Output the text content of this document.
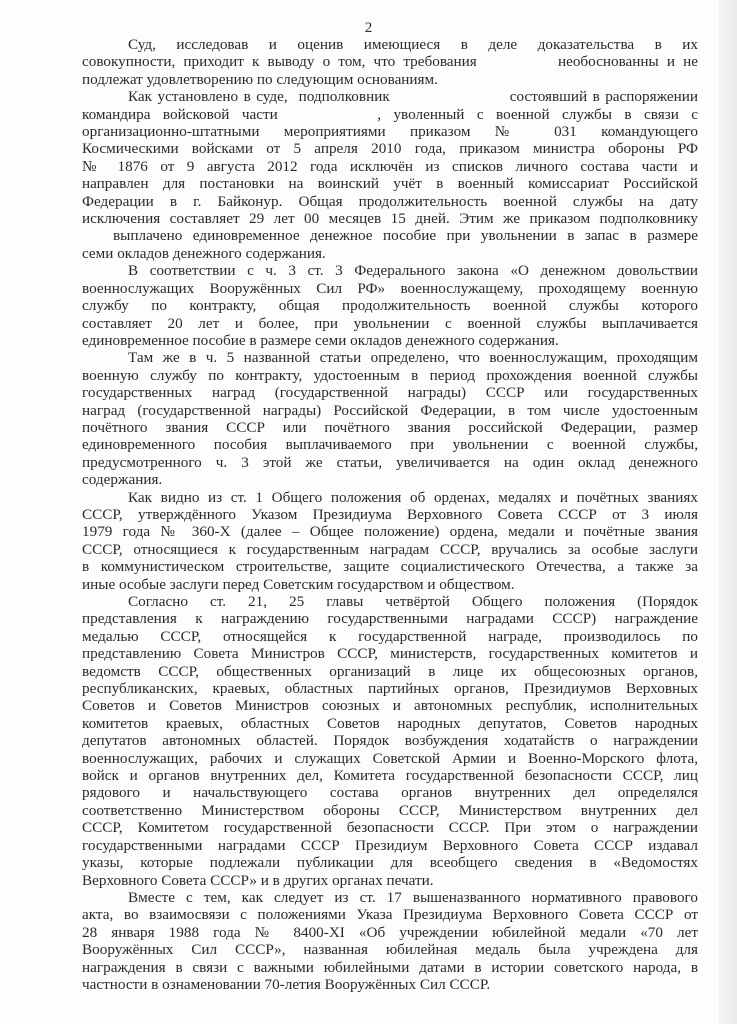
2
Суд, исследовав и оценив имеющиеся в деле доказательства в их
совокупности, приходит к выводу о том, что требования          необоснованны и не
подлежат удовлетворению по следующим основаниям.
Как установлено в суде,  подполковник                      состоявший в распоряжении
командира войсковой части        , уволенный с военной службы в связи с
организационно-штатными мероприятиями приказом № 031 командующего
Космическими войсками от 5 апреля 2010 года, приказом министра обороны РФ
№ 1876 от 9 августа 2012 года исключён из списков личного состава части и
направлен для постановки на воинский учёт в военный комиссариат Российской
Федерации в г. Байконур. Общая продолжительность военной службы на дату
исключения составляет 29 лет 00 месяцев 15 дней. Этим же приказом подполковнику
выплачено единовременное денежное пособие при увольнении в запас в размере
семи окладов денежного содержания.
В соответствии с ч. 3 ст. 3 Федерального закона «О денежном довольствии
военнослужащих Вооружённых Сил РФ» военнослужащему, проходящему военную
службу по контракту, общая продолжительность военной службы которого
составляет 20 лет и более, при увольнении с военной службы выплачивается
единовременное пособие в размере семи окладов денежного содержания.
Там же в ч. 5 названной статьи определено, что военнослужащим, проходящим
военную службу по контракту, удостоенным в период прохождения военной службы
государственных наград (государственной награды) СССР или государственных
наград (государственной награды) Российской Федерации, в том числе удостоенным
почётного звания СССР или почётного звания российской Федерации, размер
единовременного пособия выплачиваемого при увольнении с военной службы,
предусмотренного ч. 3 этой же статьи, увеличивается на один оклад денежного
содержания.
Как видно из ст. 1 Общего положения об орденах, медалях и почётных званиях
СССР, утверждённого Указом Президиума Верховного Совета СССР от 3 июля
1979 года № 360-Х (далее – Общее положение) ордена, медали и почётные звания
СССР, относящиеся к государственным наградам СССР, вручались за особые заслуги
в коммунистическом строительстве, защите социалистического Отечества, а также за
иные особые заслуги перед Советским государством и обществом.
Согласно ст. 21, 25 главы четвёртой Общего положения (Порядок
представления к награждению государственными наградами СССР) награждение
медалью СССР, относящейся к государственной награде, производилось по
представлению Совета Министров СССР, министерств, государственных комитетов и
ведомств СССР, общественных организаций в лице их общесоюзных органов,
республиканских, краевых, областных партийных органов, Президиумов Верховных
Советов и Советов Министров союзных и автономных республик, исполнительных
комитетов краевых, областных Советов народных депутатов, Советов народных
депутатов автономных областей. Порядок возбуждения ходатайств о награждении
военнослужащих, рабочих и служащих Советской Армии и Военно-Морского флота,
войск и органов внутренних дел, Комитета государственной безопасности СССР, лиц
рядового и начальствующего состава органов внутренних дел определялся
соответственно Министерством обороны СССР, Министерством внутренних дел
СССР, Комитетом государственной безопасности СССР. При этом о награждении
государственными наградами СССР Президиум Верховного Совета СССР издавал
указы, которые подлежали публикации для всеобщего сведения в «Ведомостях
Верховного Совета СССР» и в других органах печати.
Вместе с тем, как следует из ст. 17 вышеназванного нормативного правового
акта, во взаимосвязи с положениями Указа Президиума Верховного Совета СССР от
28 января 1988 года № 8400-XI «Об учреждении юбилейной медали «70 лет
Вооружённых Сил СССР», названная юбилейная медаль была учреждена для
награждения в связи с важными юбилейными датами в истории советского народа, в
частности в ознаменовании 70-летия Вооружённых Сил СССР.
